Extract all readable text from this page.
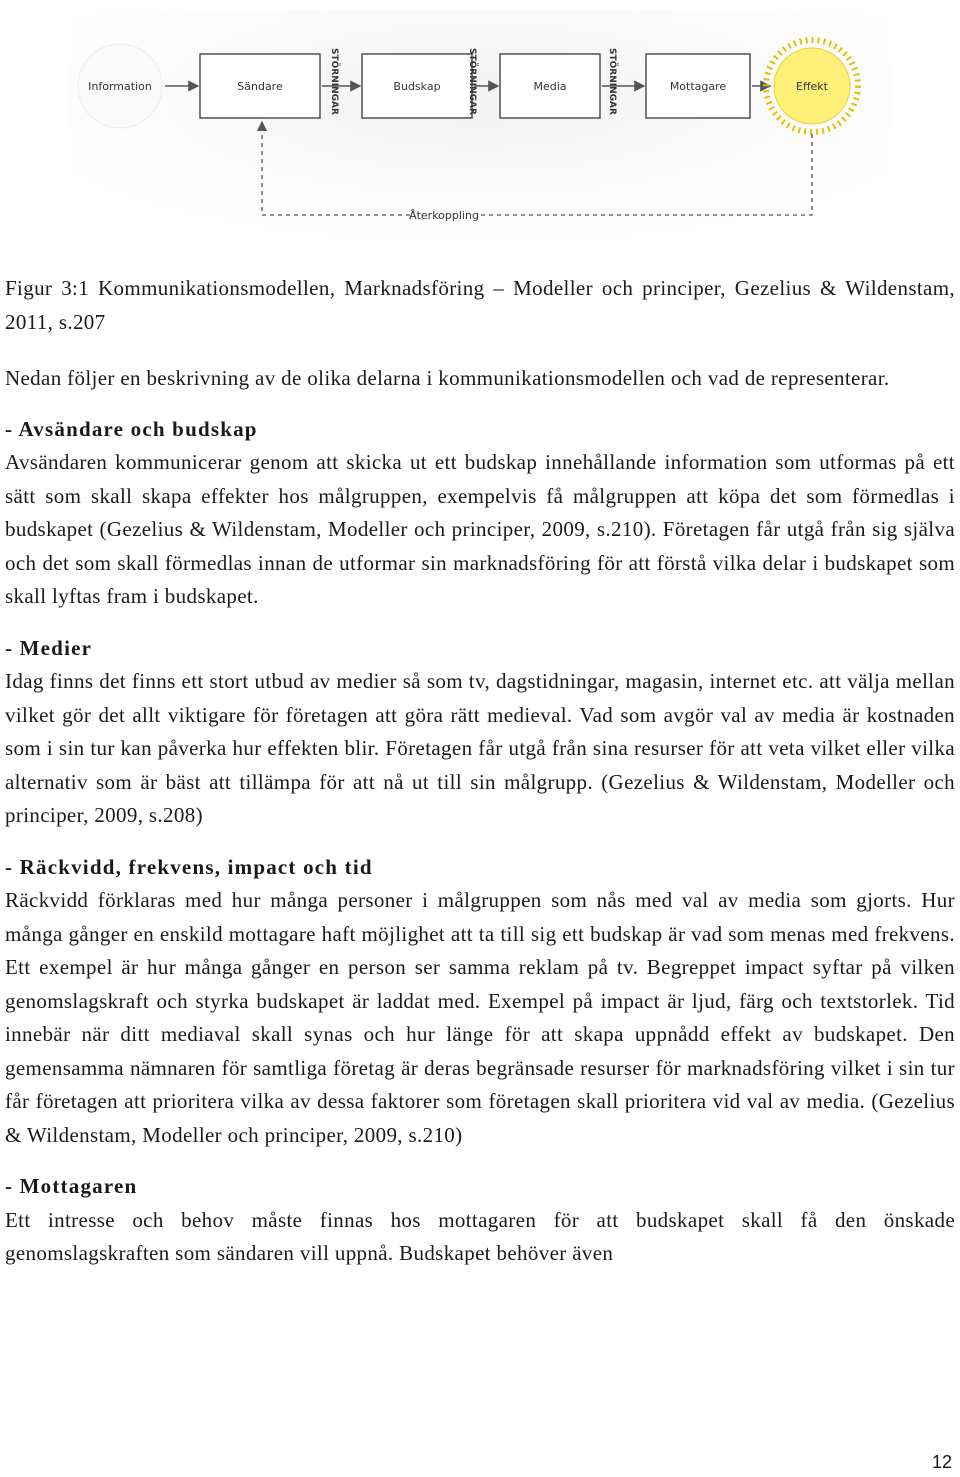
Information	Sändare	STÖRNINGAR	Budskap	STÖRNINGAR	Media	STÖRNINGAR	Mottagare	Effekt
Återkoppling

Figur 3:1 Kommunikationsmodellen, Marknadsföring – Modeller och principer, Gezelius & Wildenstam, 2011, s.207

Nedan följer en beskrivning av de olika delarna i kommunikationsmodellen och vad de representerar.

- Avsändare och budskap

Avsändaren kommunicerar genom att skicka ut ett budskap innehållande information som utformas på ett sätt som skall skapa effekter hos målgruppen, exempelvis få målgruppen att köpa det som förmedlas i budskapet (Gezelius & Wildenstam, Modeller och principer, 2009, s.210). Företagen får utgå från sig själva och det som skall förmedlas innan de utformar sin marknadsföring för att förstå vilka delar i budskapet som skall lyftas fram i budskapet.

- Medier

Idag finns det finns ett stort utbud av medier så som tv, dagstidningar, magasin, internet etc. att välja mellan vilket gör det allt viktigare för företagen att göra rätt medieval. Vad som avgör val av media är kostnaden som i sin tur kan påverka hur effekten blir. Företagen får utgå från sina resurser för att veta vilket eller vilka alternativ som är bäst att tillämpa för att nå ut till sin målgrupp. (Gezelius & Wildenstam, Modeller och principer, 2009, s.208)

- Räckvidd, frekvens, impact och tid

Räckvidd förklaras med hur många personer i målgruppen som nås med val av media som gjorts. Hur många gånger en enskild mottagare haft möjlighet att ta till sig ett budskap är vad som menas med frekvens. Ett exempel är hur många gånger en person ser samma reklam på tv. Begreppet impact syftar på vilken genomslagskraft och styrka budskapet är laddat med. Exempel på impact är ljud, färg och textstorlek. Tid innebär när ditt mediaval skall synas och hur länge för att skapa uppnådd effekt av budskapet. Den gemensamma nämnaren för samtliga företag är deras begränsade resurser för marknadsföring vilket i sin tur får företagen att prioritera vilka av dessa faktorer som företagen skall prioritera vid val av media. (Gezelius & Wildenstam, Modeller och principer, 2009, s.210)

- Mottagaren

Ett intresse och behov måste finnas hos mottagaren för att budskapet skall få den önskade genomslagskraften som sändaren vill uppnå. Budskapet behöver även

12
